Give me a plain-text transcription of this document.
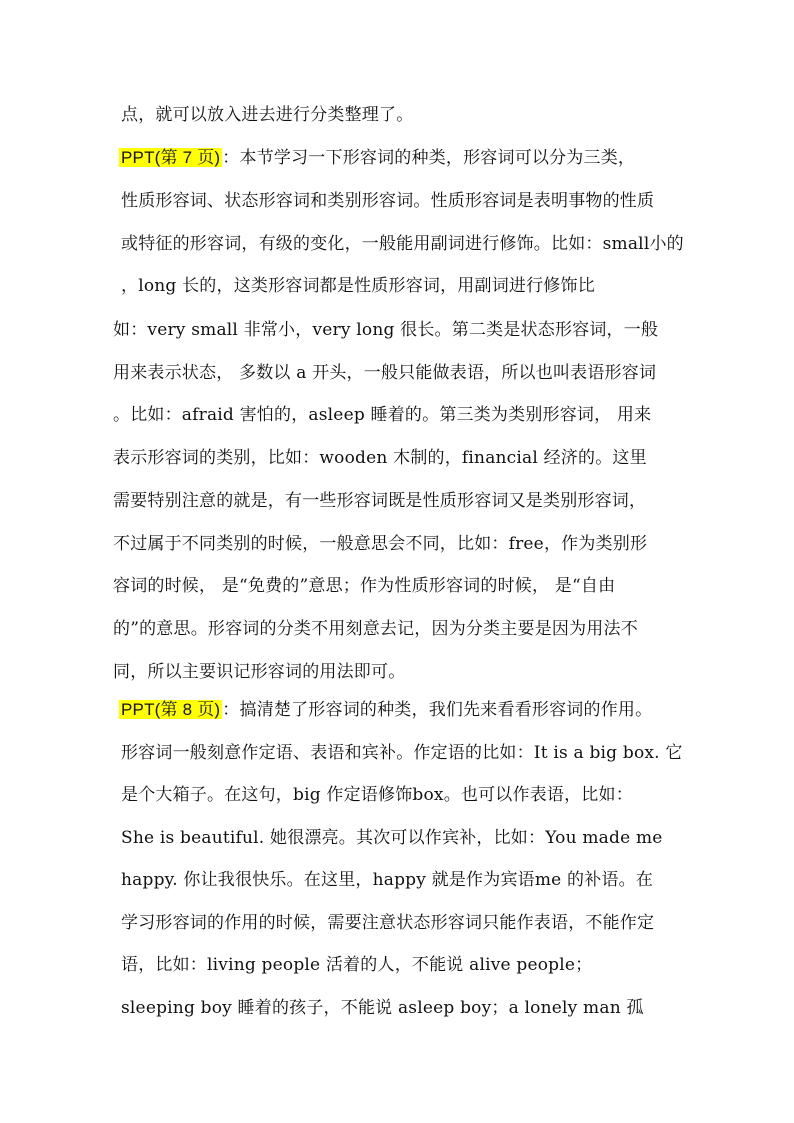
点，就可以放入进去进行分类整理了。
PPT(第 7 页) ：本节学习一下形容词的种类，形容词可以分为三类，
性质形容词、状态形容词和类别形容词。性质形容词是表明事物的性质
或特征的形容词，有级的变化，一般能用副词进行修饰。比如：small小的
，long 长的，这类形容词都是性质形容词，用副词进行修饰比
如：very small 非常小，very long 很长。第二类是状态形容词，一般
用来表示状态， 多数以 a 开头，一般只能做表语，所以也叫表语形容词
。比如：afraid 害怕的，asleep 睡着的。第三类为类别形容词， 用来
表示形容词的类别，比如：wooden 木制的，financial 经济的。这里
需要特别注意的就是，有一些形容词既是性质形容词又是类别形容词，
不过属于不同类别的时候，一般意思会不同，比如：free，作为类别形
容词的时候， 是“免费的”意思；作为性质形容词的时候， 是“自由
的”的意思。形容词的分类不用刻意去记，因为分类主要是因为用法不
同，所以主要识记形容词的用法即可。
PPT(第 8 页) ：搞清楚了形容词的种类，我们先来看看形容词的作用。
形容词一般刻意作定语、表语和宾补。作定语的比如：It is a big box. 它
是个大箱子。在这句，big 作定语修饰box。也可以作表语，比如：
She is beautiful. 她很漂亮。其次可以作宾补，比如：You made me
happy. 你让我很快乐。在这里，happy 就是作为宾语me 的补语。在
学习形容词的作用的时候，需要注意状态形容词只能作表语，不能作定
语，比如：living people 活着的人，不能说 alive people；
sleeping boy 睡着的孩子，不能说 asleep boy；a lonely man 孤
